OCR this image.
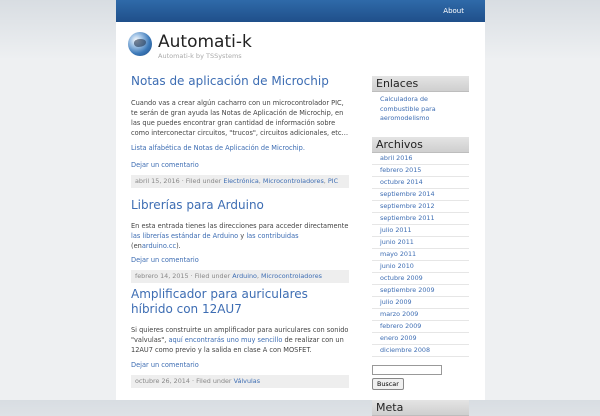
About
Automati-k
Automati-k by TSSystems
Notas de aplicación de Microchip

Cuando vas a crear algún cacharro con un microcontrolador PIC, te serán de gran ayuda las Notas de Aplicación de Microchip, en las que puedes encontrar gran cantidad de información sobre como interconectar circuitos, "trucos", circuitos adicionales, etc…

Lista alfabética de Notas de Aplicación de Microchip.
Dejar un comentario
abril 15, 2016 · Filed under Electrónica, Microcontroladores, PIC
Librerías para Arduino

En esta entrada tienes las direcciones para acceder directamente las librerías estándar de Arduino y las contribuidas (enarduino.cc).

Dejar un comentario
febrero 14, 2015 · Filed under Arduino, Microcontroladores
Amplificador para auriculares híbrido con 12AU7

Si quieres construirte un amplificador para auriculares con sonido "valvulas", aquí encontrarás uno muy sencillo de realizar con un 12AU7 como previo y la salida en clase A con MOSFET.

Dejar un comentario
octubre 26, 2014 · Filed under Válvulas
Enlaces
Calculadora de combustible para aeromodelismo
Archivos
abril 2016
febrero 2015
octubre 2014
septiembre 2014
septiembre 2012
septiembre 2011
julio 2011
junio 2011
mayo 2011
junio 2010
octubre 2009
septiembre 2009
julio 2009
marzo 2009
febrero 2009
enero 2009
diciembre 2008
Buscar
Meta
